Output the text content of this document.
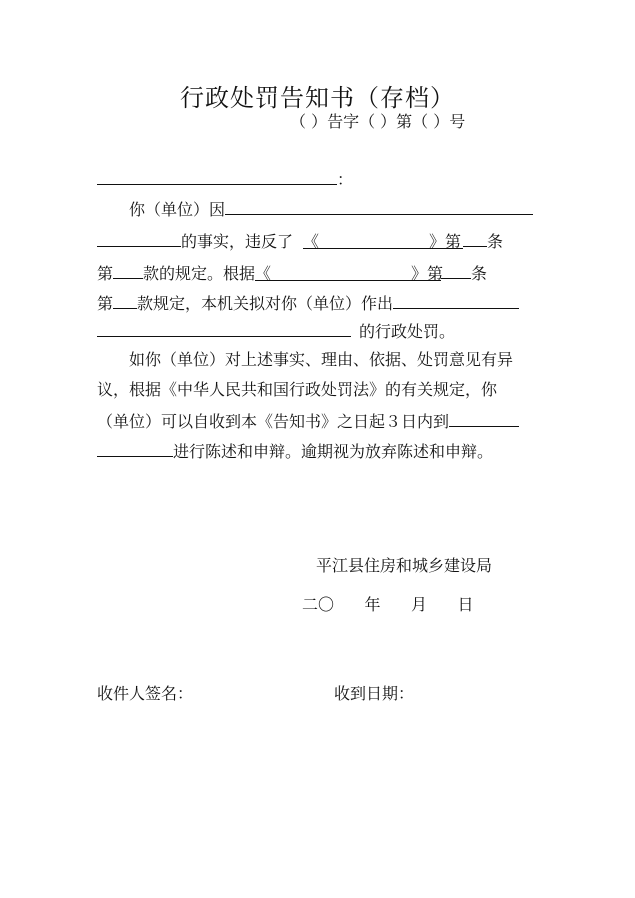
行政处罚告知书（存档）
（ ）告字（ ）第（ ）号
：
你（单位）因
的事实，违反了 《	》第 条
第 款的规定。根据《	》第 条
第 款规定，本机关拟对你（单位）作出
的行政处罚。
如你（单位）对上述事实、理由、依据、处罚意见有异
议，根据《中华人民共和国行政处罚法》的有关规定，你
（单位）可以自收到本《告知书》之日起３日内到
进行陈述和申辩。逾期视为放弃陈述和申辩。
平江县住房和城乡建设局
二〇      年      月      日
收件人签名：	收到日期：
